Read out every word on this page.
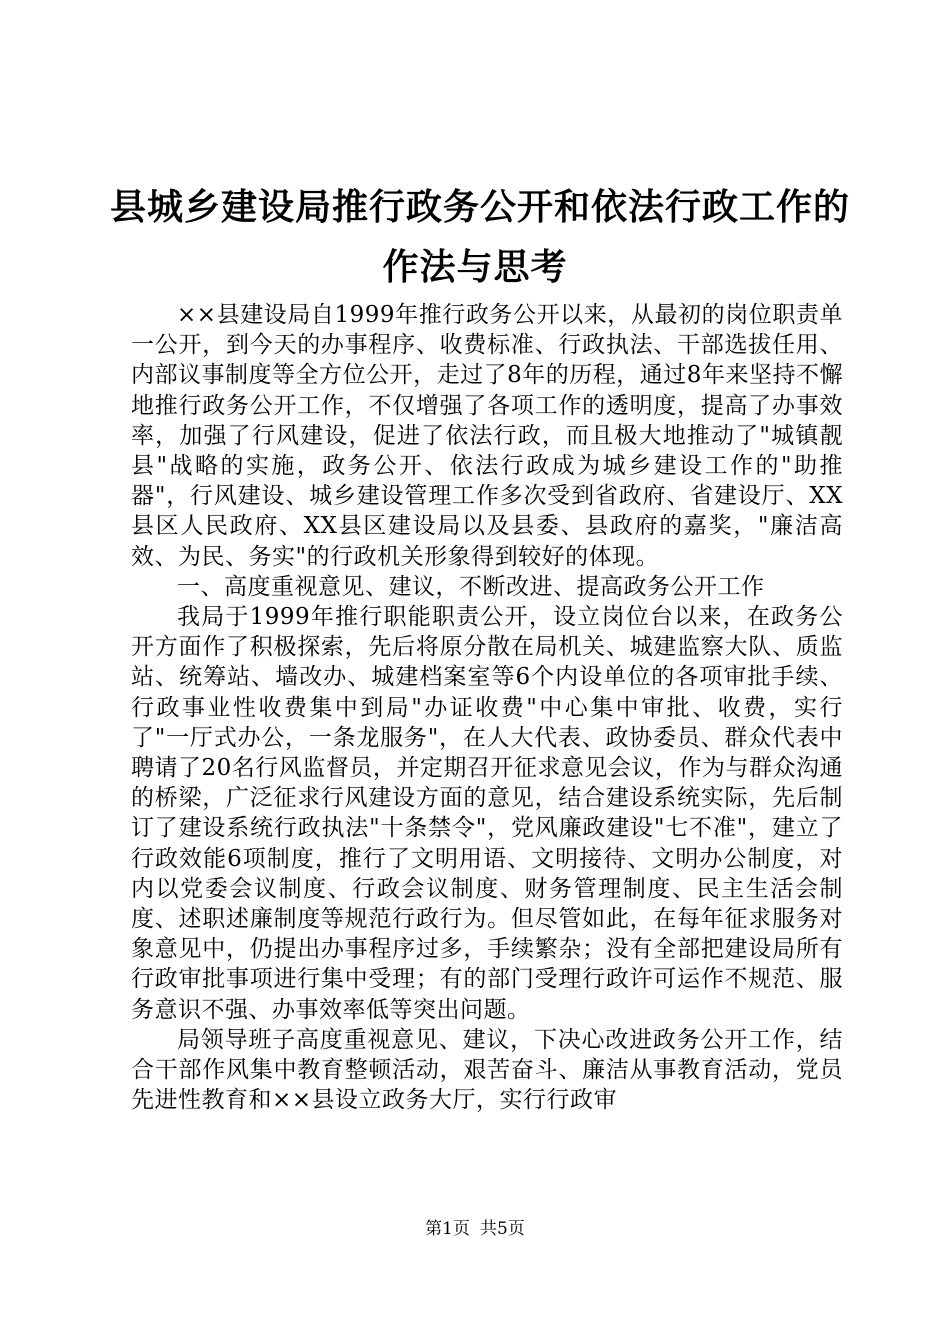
县城乡建设局推行政务公开和依法行政工作的
作法与思考

××县建设局自1999年推行政务公开以来，从最初的岗位职责单一公开，到今天的办事程序、收费标准、行政执法、干部选拔任用、内部议事制度等全方位公开，走过了8年的历程，通过8年来坚持不懈地推行政务公开工作，不仅增强了各项工作的透明度，提高了办事效率，加强了行风建设，促进了依法行政，而且极大地推动了"城镇靓县"战略的实施，政务公开、依法行政成为城乡建设工作的"助推器"，行风建设、城乡建设管理工作多次受到省政府、省建设厅、XX县区人民政府、XX县区建设局以及县委、县政府的嘉奖，"廉洁高效、为民、务实"的行政机关形象得到较好的体现。

一、高度重视意见、建议，不断改进、提高政务公开工作

我局于1999年推行职能职责公开，设立岗位台以来，在政务公开方面作了积极探索，先后将原分散在局机关、城建监察大队、质监站、统筹站、墙改办、城建档案室等6个内设单位的各项审批手续、行政事业性收费集中到局"办证收费"中心集中审批、收费，实行了"一厅式办公，一条龙服务"，在人大代表、政协委员、群众代表中聘请了20名行风监督员，并定期召开征求意见会议，作为与群众沟通的桥梁，广泛征求行风建设方面的意见，结合建设系统实际，先后制订了建设系统行政执法"十条禁令"，党风廉政建设"七不准"，建立了行政效能6项制度，推行了文明用语、文明接待、文明办公制度，对内以党委会议制度、行政会议制度、财务管理制度、民主生活会制度、述职述廉制度等规范行政行为。但尽管如此，在每年征求服务对象意见中，仍提出办事程序过多，手续繁杂；没有全部把建设局所有行政审批事项进行集中受理；有的部门受理行政许可运作不规范、服务意识不强、办事效率低等突出问题。

局领导班子高度重视意见、建议，下决心改进政务公开工作，结合干部作风集中教育整顿活动，艰苦奋斗、廉洁从事教育活动，党员先进性教育和××县设立政务大厅，实行行政审

第1页 共5页
